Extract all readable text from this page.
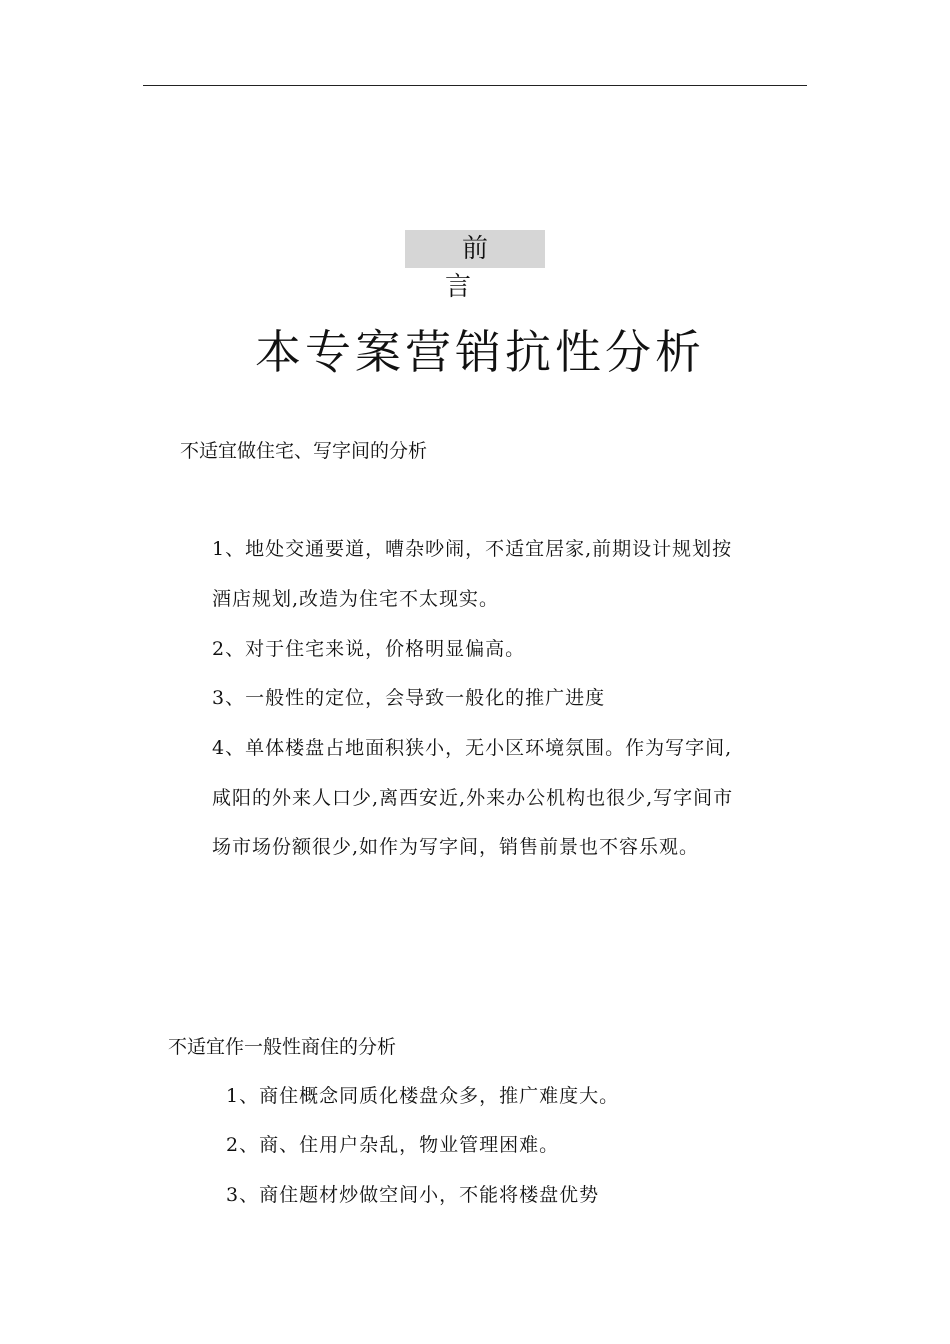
前 言
本专案营销抗性分析
不适宜做住宅、写字间的分析
1、地处交通要道，嘈杂吵闹，不适宜居家,前期设计规划按
酒店规划,改造为住宅不太现实。
2、对于住宅来说，价格明显偏高。
3、一般性的定位，会导致一般化的推广进度
4、单体楼盘占地面积狭小，无小区环境氛围。作为写字间,
咸阳的外来人口少,离西安近,外来办公机构也很少,写字间市
场市场份额很少,如作为写字间，销售前景也不容乐观。
不适宜作一般性商住的分析
1、商住概念同质化楼盘众多，推广难度大。
2、商、住用户杂乱，物业管理困难。
3、商住题材炒做空间小，不能将楼盘优势
